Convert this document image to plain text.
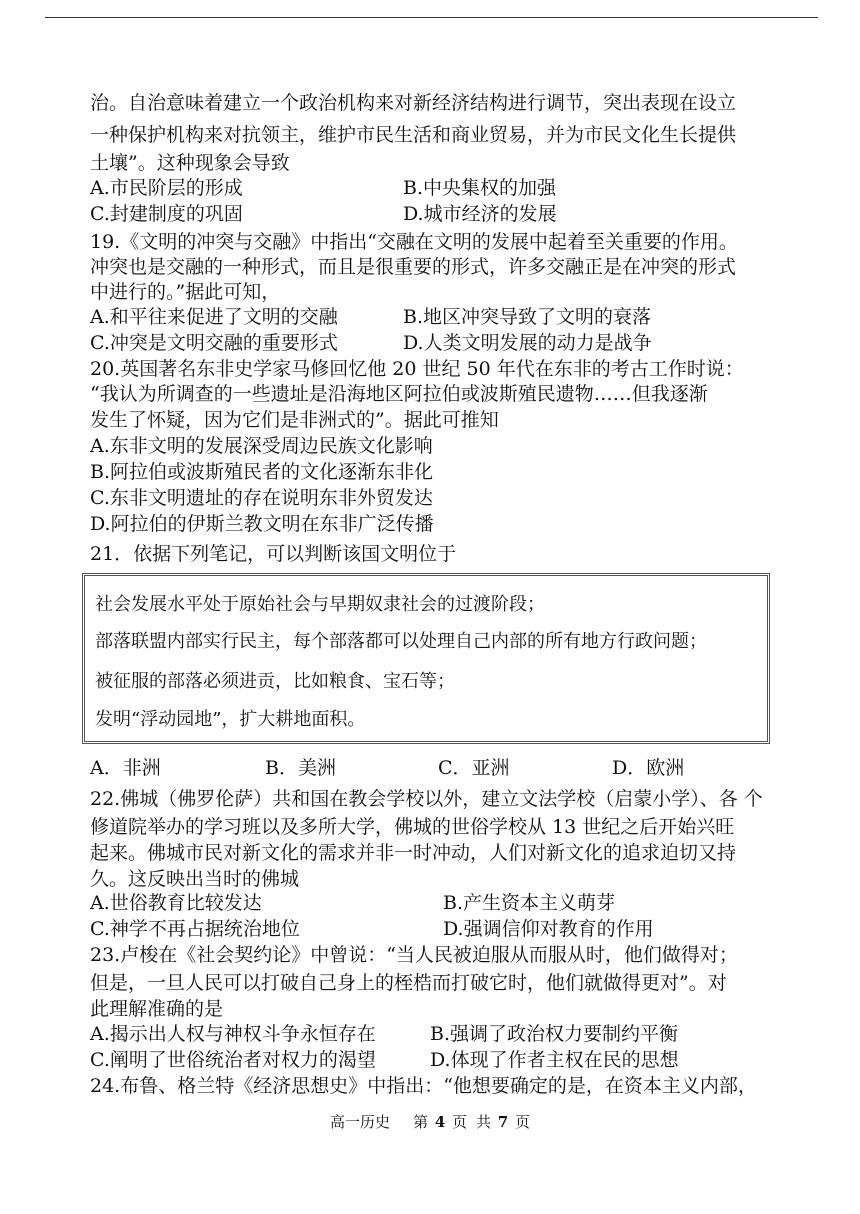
治。自治意味着建立一个政治机构来对新经济结构进行调节，突出表现在设立
一种保护机构来对抗领主，维护市民生活和商业贸易，并为市民文化生长提供
土壤”。这种现象会导致
A.市民阶层的形成	B.中央集权的加强
C.封建制度的巩固	D.城市经济的发展
19.《文明的冲突与交融》中指出“交融在文明的发展中起着至关重要的作用。
冲突也是交融的一种形式，而且是很重要的形式，许多交融正是在冲突的形式
中进行的。”据此可知，
A.和平往来促进了文明的交融	B.地区冲突导致了文明的衰落
C.冲突是文明交融的重要形式	D.人类文明发展的动力是战争
20.英国著名东非史学家马修回忆他 20 世纪 50 年代在东非的考古工作时说：
“我认为所调查的一些遗址是沿海地区阿拉伯或波斯殖民遗物……但我逐渐
发生了怀疑，因为它们是非洲式的”。据此可推知
A.东非文明的发展深受周边民族文化影响
B.阿拉伯或波斯殖民者的文化逐渐东非化
C.东非文明遗址的存在说明东非外贸发达
D.阿拉伯的伊斯兰教文明在东非广泛传播
21．依据下列笔记，可以判断该国文明位于
社会发展水平处于原始社会与早期奴隶社会的过渡阶段；
部落联盟内部实行民主，每个部落都可以处理自己内部的所有地方行政问题；
被征服的部落必须进贡，比如粮食、宝石等；
发明“浮动园地”，扩大耕地面积。
A．非洲	B．美洲	C．亚洲	D．欧洲
22.佛城（佛罗伦萨）共和国在教会学校以外，建立文法学校（启蒙小学）、各 个
修道院举办的学习班以及多所大学，佛城的世俗学校从 13 世纪之后开始兴旺
起来。佛城市民对新文化的需求并非一时冲动，人们对新文化的追求迫切又持
久。这反映出当时的佛城
A.世俗教育比较发达	B.产生资本主义萌芽
C.神学不再占据统治地位	D.强调信仰对教育的作用
23.卢梭在《社会契约论》中曾说：“当人民被迫服从而服从时，他们做得对；
但是，一旦人民可以打破自己身上的桎梏而打破它时，他们就做得更对”。对
此理解准确的是
A.揭示出人权与神权斗争永恒存在	B.强调了政治权力要制约平衡
C.阐明了世俗统治者对权力的渴望	D.体现了作者主权在民的思想
24.布鲁、格兰特《经济思想史》中指出：“他想要确定的是，在资本主义内部，
高一历史 第 4 页 共 7 页
